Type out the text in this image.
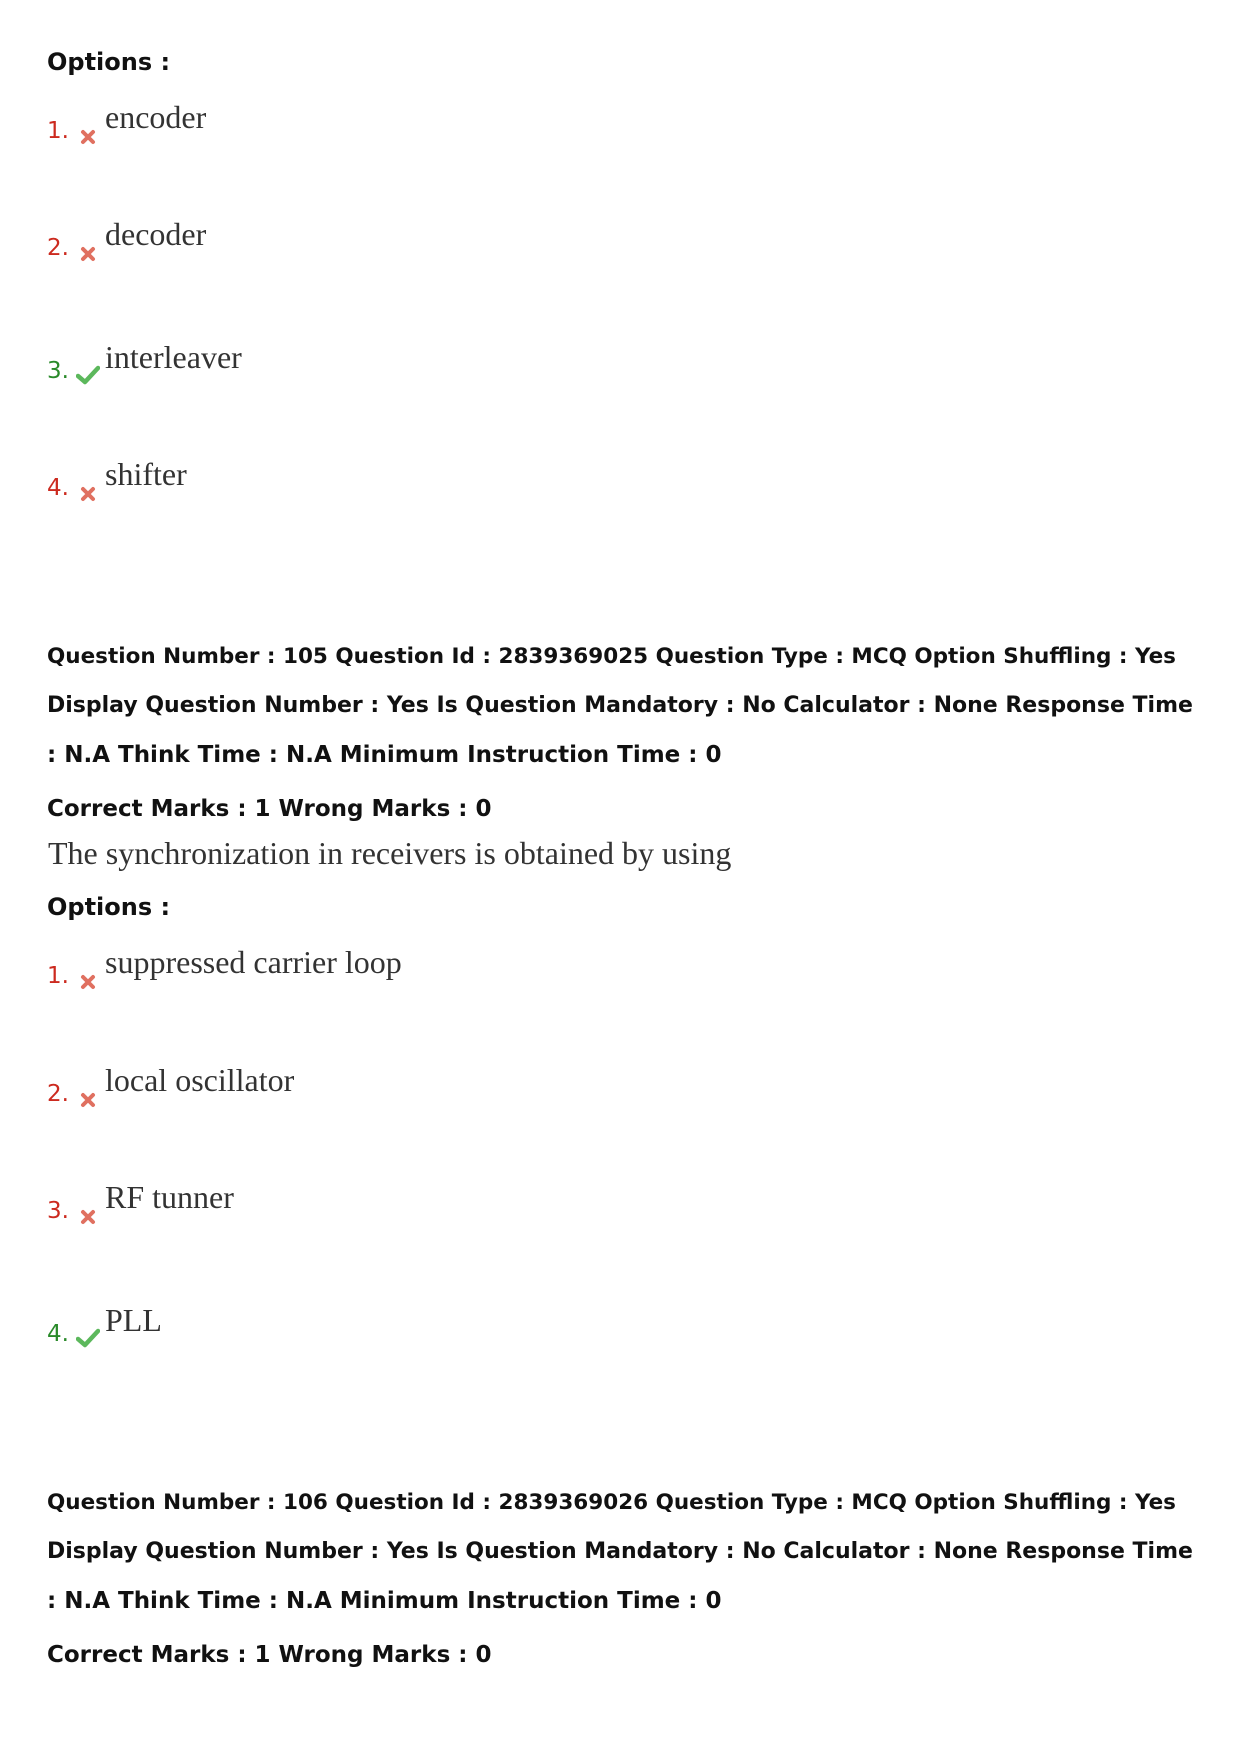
Options :
1. encoder
2. decoder
3. interleaver
4. shifter
Question Number : 105 Question Id : 2839369025 Question Type : MCQ Option Shuffling : Yes
Display Question Number : Yes Is Question Mandatory : No Calculator : None Response Time
: N.A Think Time : N.A Minimum Instruction Time : 0
Correct Marks : 1 Wrong Marks : 0
The synchronization in receivers is obtained by using
Options :
1. suppressed carrier loop
2. local oscillator
3. RF tunner
4. PLL
Question Number : 106 Question Id : 2839369026 Question Type : MCQ Option Shuffling : Yes
Display Question Number : Yes Is Question Mandatory : No Calculator : None Response Time
: N.A Think Time : N.A Minimum Instruction Time : 0
Correct Marks : 1 Wrong Marks : 0
